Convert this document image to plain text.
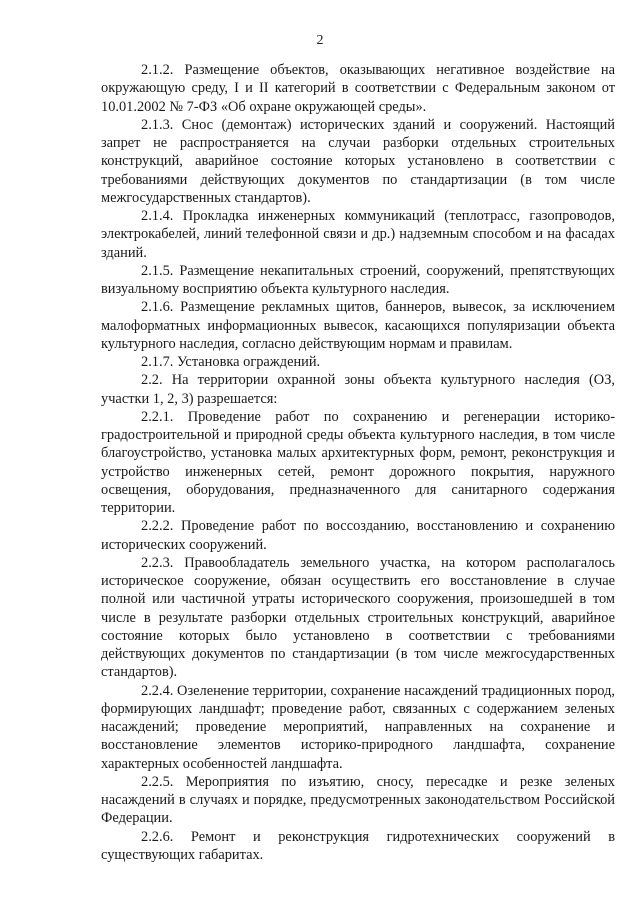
2

2.1.2. Размещение объектов, оказывающих негативное воздействие на окружающую среду, I и II категорий в соответствии с Федеральным законом от 10.01.2002 № 7-ФЗ «Об охране окружающей среды».

2.1.3. Снос (демонтаж) исторических зданий и сооружений. Настоящий запрет не распространяется на случаи разборки отдельных строительных конструкций, аварийное состояние которых установлено в соответствии с требованиями действующих документов по стандартизации (в том числе межгосударственных стандартов).

2.1.4. Прокладка инженерных коммуникаций (теплотрасс, газопроводов, электрокабелей, линий телефонной связи и др.) надземным способом и на фасадах зданий.

2.1.5. Размещение некапитальных строений, сооружений, препятствующих визуальному восприятию объекта культурного наследия.

2.1.6. Размещение рекламных щитов, баннеров, вывесок, за исключением малоформатных информационных вывесок, касающихся популяризации объекта культурного наследия, согласно действующим нормам и правилам.

2.1.7. Установка ограждений.

2.2. На территории охранной зоны объекта культурного наследия (ОЗ, участки 1, 2, 3) разрешается:

2.2.1. Проведение работ по сохранению и регенерации историко-градостроительной и природной среды объекта культурного наследия, в том числе благоустройство, установка малых архитектурных форм, ремонт, реконструкция и устройство инженерных сетей, ремонт дорожного покрытия, наружного освещения, оборудования, предназначенного для санитарного содержания территории.

2.2.2. Проведение работ по воссозданию, восстановлению и сохранению исторических сооружений.

2.2.3. Правообладатель земельного участка, на котором располагалось историческое сооружение, обязан осуществить его восстановление в случае полной или частичной утраты исторического сооружения, произошедшей в том числе в результате разборки отдельных строительных конструкций, аварийное состояние которых было установлено в соответствии с требованиями действующих документов по стандартизации (в том числе межгосударственных стандартов).

2.2.4. Озеленение территории, сохранение насаждений традиционных пород, формирующих ландшафт; проведение работ, связанных с содержанием зеленых насаждений; проведение мероприятий, направленных на сохранение и восстановление элементов историко-природного ландшафта, сохранение характерных особенностей ландшафта.

2.2.5. Мероприятия по изъятию, сносу, пересадке и резке зеленых насаждений в случаях и порядке, предусмотренных законодательством Российской Федерации.

2.2.6. Ремонт и реконструкция гидротехнических сооружений в существующих габаритах.
